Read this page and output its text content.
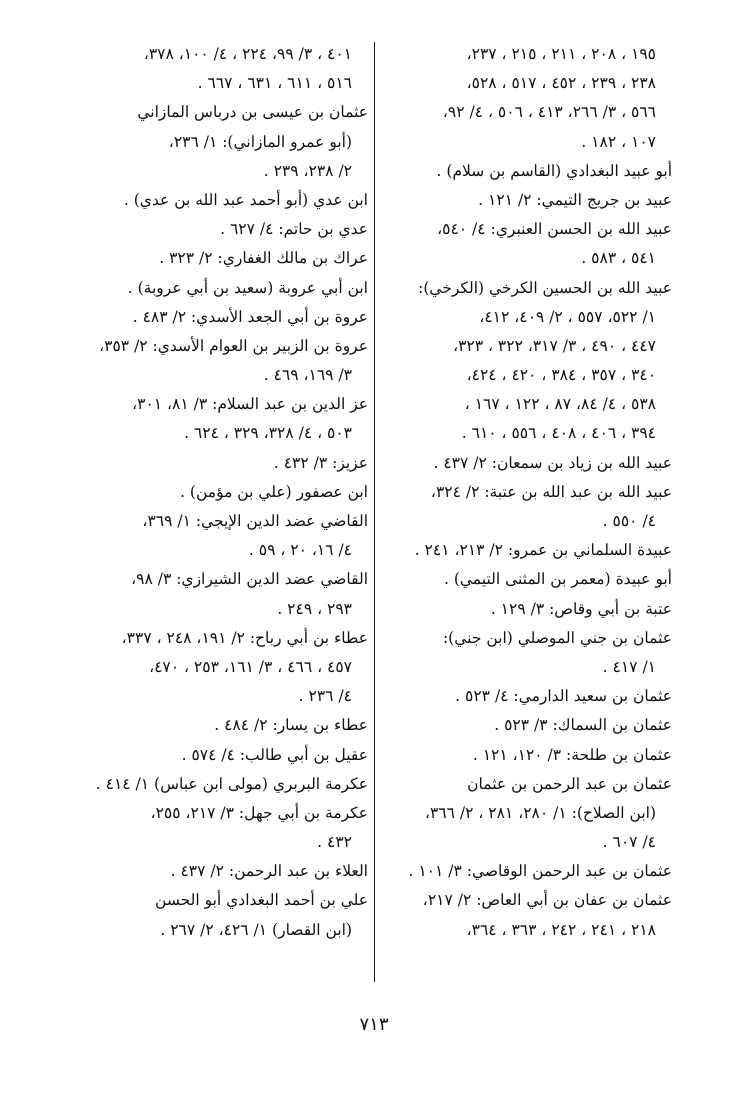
١٩٥ ، ٢٠٨ ، ٢١١ ، ٢١٥ ، ٢٣٧،
٢٣٨ ، ٢٣٩ ، ٤٥٢ ، ٥١٧ ، ٥٢٨،
٥٦٦ ، ٣/ ٢٦٦، ٤١٣ ، ٥٠٦ ، ٤/ ٩٢،
١٠٧ ، ١٨٢ .
أبو عبيد البغدادي (القاسم بن سلام) .
عبيد بن جريج التيمي: ٢/ ١٢١ .
عبيد الله بن الحسن العنبري: ٤/ ٥٤٠،
٥٤١ ، ٥٨٣ .
عبيد الله بن الحسين الكرخي (الكرخي):
١/ ٥٢٢، ٥٥٧ ، ٢/ ٤٠٩، ٤١٢،
٤٤٧ ، ٤٩٠ ، ٣/ ٣١٧، ٣٢٢ ، ٣٢٣،
٣٤٠ ، ٣٥٧ ، ٣٨٤ ، ٤٢٠ ، ٤٢٤،
٥٣٨ ، ٤/ ٨٤، ٨٧ ، ١٢٢ ، ١٦٧ ،
٣٩٤ ، ٤٠٦ ، ٤٠٨ ، ٥٥٦ ، ٦١٠ .
عبيد الله بن زياد بن سمعان: ٢/ ٤٣٧ .
عبيد الله بن عبد الله بن عتبة: ٢/ ٣٢٤،
٤/ ٥٥٠ .
عبيدة السلماني بن عمرو: ٢/ ٢١٣، ٢٤١ .
أبو عبيدة (معمر بن المثنى التيمي) .
عتبة بن أبي وقاص: ٣/ ١٢٩ .
عثمان بن جني الموصلي (ابن جني):
١/ ٤١٧ .
عثمان بن سعيد الدارمي: ٤/ ٥٢٣ .
عثمان بن السماك: ٣/ ٥٢٣ .
عثمان بن طلحة: ٣/ ١٢٠، ١٢١ .
عثمان بن عبد الرحمن بن عثمان
(ابن الصلاح): ١/ ٢٨٠، ٢٨١ ، ٢/ ٣٦٦،
٤/ ٦٠٧ .
عثمان بن عبد الرحمن الوقاصي: ٣/ ١٠١ .
عثمان بن عفان بن أبي العاص: ٢/ ٢١٧،
٢١٨ ، ٢٤١ ، ٢٤٢ ، ٣٦٣ ، ٣٦٤،
٤٠١ ، ٣/ ٩٩، ٢٢٤ ، ٤/ ١٠٠، ٣٧٨،
٥١٦ ، ٦١١ ، ٦٣١ ، ٦٦٧ .
عثمان بن عيسى بن درباس المازاني
(أبو عمرو المازاني): ١/ ٢٣٦،
٢/ ٢٣٨، ٢٣٩ .
ابن عدي (أبو أحمد عبد الله بن عدي) .
عدي بن حاتم: ٤/ ٦٢٧ .
عراك بن مالك الغفاري: ٢/ ٣٢٣ .
ابن أبي عروبة (سعيد بن أبي عروبة) .
عروة بن أبي الجعد الأسدي: ٢/ ٤٨٣ .
عروة بن الزبير بن العوام الأسدي: ٢/ ٣٥٣،
٣/ ١٦٩، ٤٦٩ .
عز الدين بن عبد السلام: ٣/ ٨١، ٣٠١،
٥٠٣ ، ٤/ ٣٢٨، ٣٢٩ ، ٦٢٤ .
عزيز: ٣/ ٤٣٢ .
ابن عصفور (علي بن مؤمن) .
القاضي عضد الدين الإيجي: ١/ ٣٦٩،
٤/ ١٦، ٢٠ ، ٥٩ .
القاضي عضد الدين الشيرازي: ٣/ ٩٨،
٢٩٣ ، ٢٤٩ .
عطاء بن أبي رباح: ٢/ ١٩١، ٢٤٨ ، ٣٣٧،
٤٥٧ ، ٤٦٦ ، ٣/ ١٦١، ٢٥٣ ، ٤٧٠،
٤/ ٢٣٦ .
عطاء بن يسار: ٢/ ٤٨٤ .
عقيل بن أبي طالب: ٤/ ٥٧٤ .
عكرمة البربري (مولى ابن عباس) ١/ ٤١٤ .
عكرمة بن أبي جهل: ٣/ ٢١٧، ٢٥٥،
٤٣٢ .
العلاء بن عبد الرحمن: ٢/ ٤٣٧ .
علي بن أحمد البغدادي أبو الحسن
(ابن القصار) ١/ ٤٢٦، ٢/ ٢٦٧ .
٧١٣
